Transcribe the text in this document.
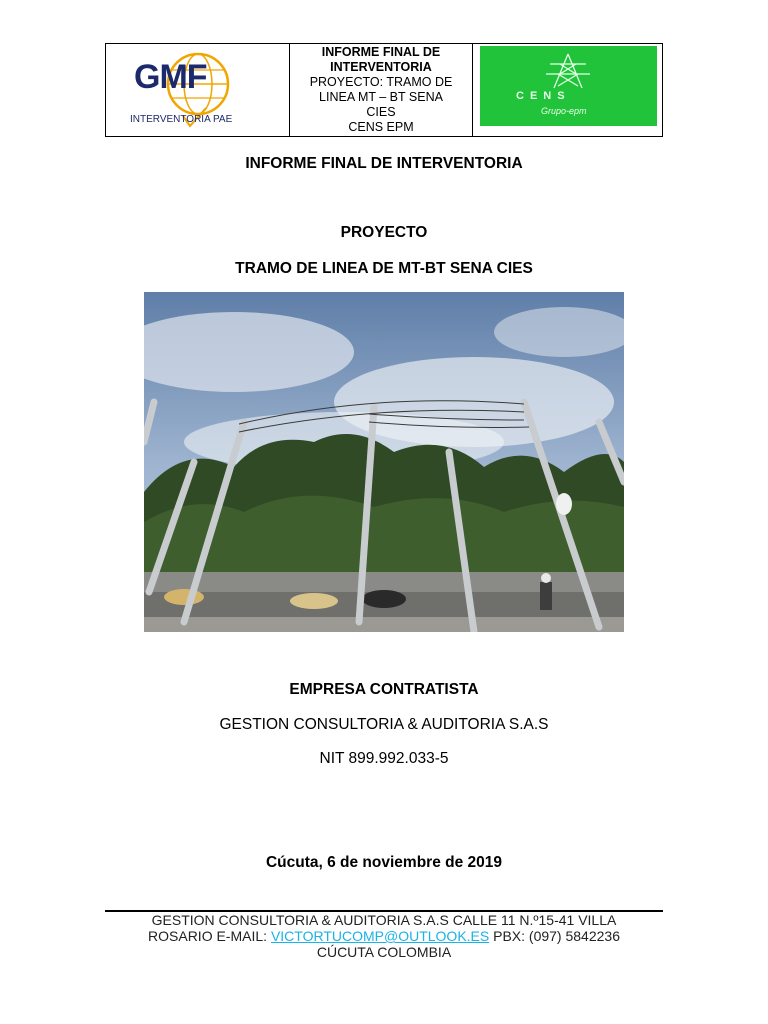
GMF
INTERVENTORIA PAE
INFORME FINAL DE
INTERVENTORIA
PROYECTO: TRAMO DE
LINEA MT – BT SENA
CIES
CENS EPM
CENS
Grupo-epm
INFORME FINAL DE INTERVENTORIA
PROYECTO
TRAMO DE LINEA DE MT-BT SENA CIES
EMPRESA CONTRATISTA
GESTION CONSULTORIA & AUDITORIA S.A.S
NIT 899.992.033-5
Cúcuta, 6 de noviembre de 2019
GESTION CONSULTORIA & AUDITORIA S.A.S CALLE 11 N.º15-41 VILLA
ROSARIO E-MAIL: VICTORTUCOMP@OUTLOOK.ES PBX: (097) 5842236
CÚCUTA COLOMBIA
